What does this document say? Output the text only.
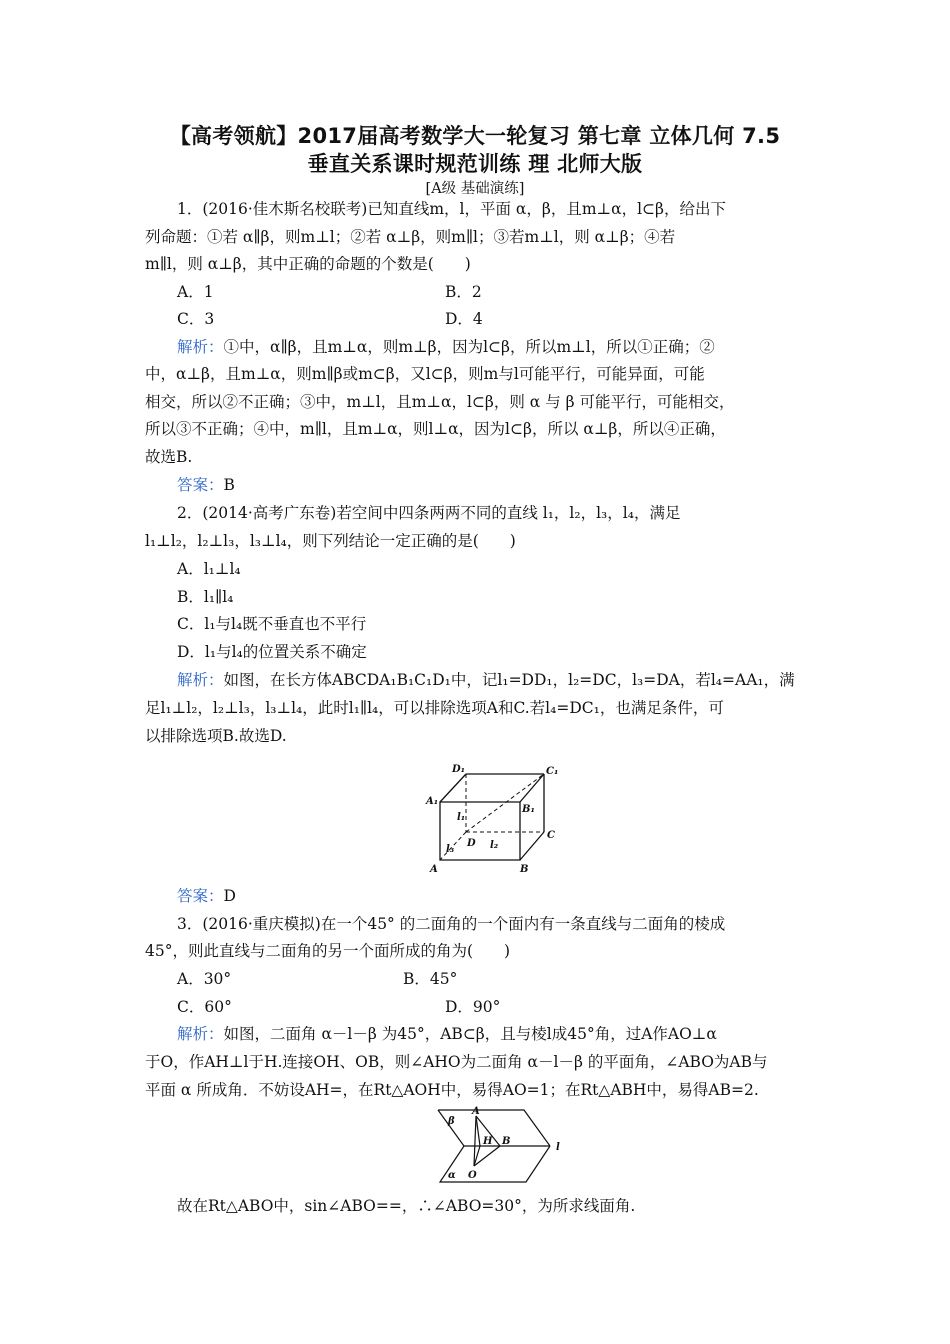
【高考领航】2017届高考数学大一轮复习 第七章 立体几何 7.5
垂直关系课时规范训练 理 北师大版
[A级 基础演练]
1．(2016·佳木斯名校联考)已知直线m，l，平面 α，β，且m⊥α，l⊂β，给出下
列命题：①若 α∥β，则m⊥l；②若 α⊥β，则m∥l；③若m⊥l，则 α⊥β；④若
m∥l，则 α⊥β，其中正确的命题的个数是(　　)
A．1	B．2
C．3	D．4
解析：①中，α∥β，且m⊥α，则m⊥β，因为l⊂β，所以m⊥l，所以①正确；②
中，α⊥β，且m⊥α，则m∥β或m⊂β，又l⊂β，则m与l可能平行，可能异面，可能
相交，所以②不正确；③中，m⊥l，且m⊥α，l⊂β，则 α 与 β 可能平行，可能相交，
所以③不正确；④中，m∥l，且m⊥α，则l⊥α，因为l⊂β，所以 α⊥β，所以④正确，
故选B.
答案：B
2．(2014·高考广东卷)若空间中四条两两不同的直线 l₁，l₂，l₃，l₄，满足
l₁⊥l₂，l₂⊥l₃，l₃⊥l₄，则下列结论一定正确的是(　　)
A．l₁⊥l₄
B．l₁∥l₄
C．l₁与l₄既不垂直也不平行
D．l₁与l₄的位置关系不确定
解析：如图，在长方体ABCDA₁B₁C₁D₁中，记l₁=DD₁，l₂=DC，l₃=DA，若l₄=AA₁，满
足l₁⊥l₂，l₂⊥l₃，l₃⊥l₄，此时l₁∥l₄，可以排除选项A和C.若l₄=DC₁，也满足条件，可
以排除选项B.故选D.
D₁	C₁
A₁
B₁
l₁
D
C
l₃	l₂
A	B
答案：D
3．(2016·重庆模拟)在一个45° 的二面角的一个面内有一条直线与二面角的棱成
45°，则此直线与二面角的另一个面所成的角为(　　)
A．30°	B．45°
C．60°	D．90°
解析：如图，二面角 α－l－β 为45°，AB⊂β，且与棱l成45°角，过A作AO⊥α
于O，作AH⊥l于H.连接OH、OB，则∠AHO为二面角 α－l－β 的平面角，∠ABO为AB与
平面 α 所成角．不妨设AH=，在Rt△AOH中，易得AO=1；在Rt△ABH中，易得AB=2.
β
A
H B
l
O
α
故在Rt△ABO中，sin∠ABO==，∴∠ABO=30°，为所求线面角.
